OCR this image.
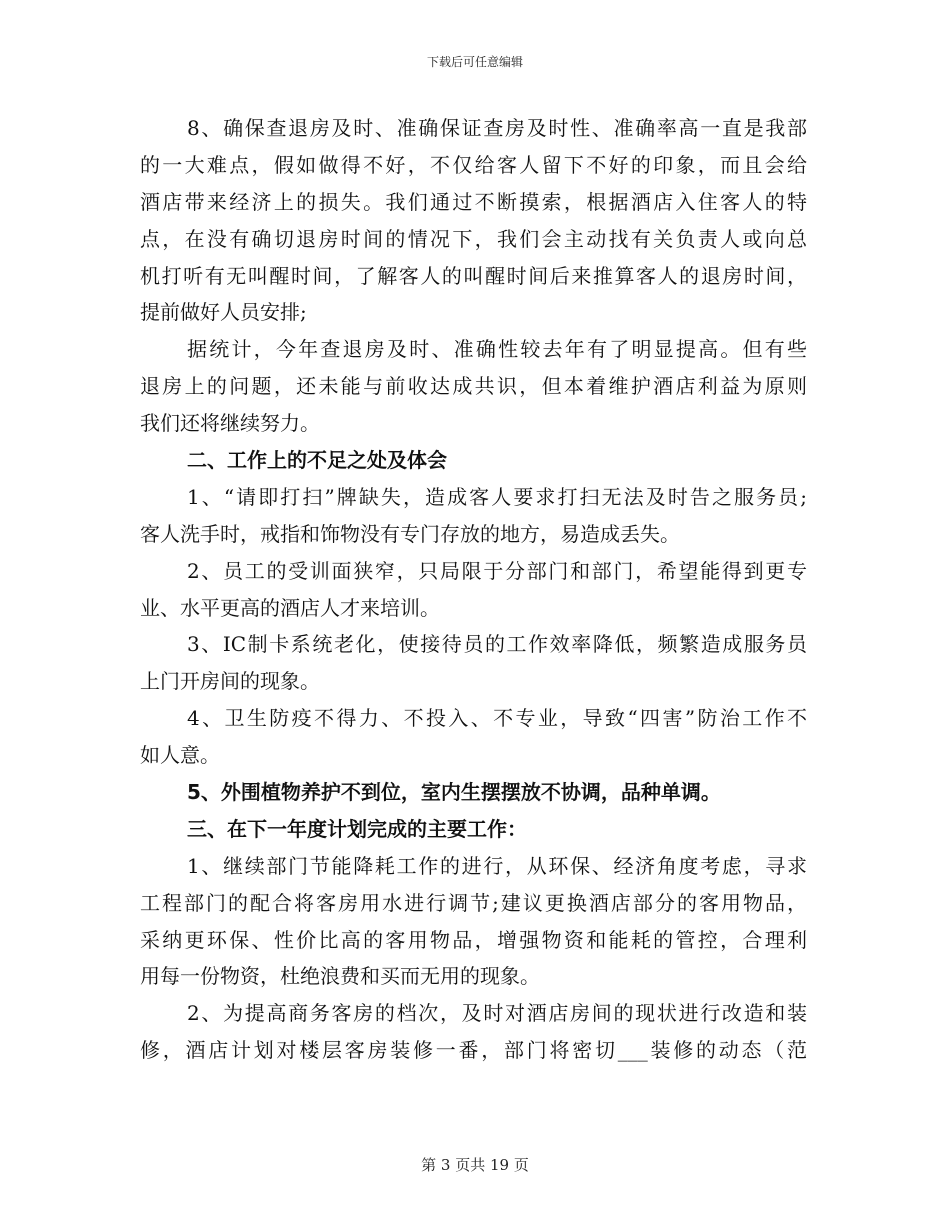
下载后可任意编辑
8、确保查退房及时、准确保证查房及时性、准确率高一直是我部
的一大难点，假如做得不好，不仅给客人留下不好的印象，而且会给
酒店带来经济上的损失。我们通过不断摸索，根据酒店入住客人的特
点，在没有确切退房时间的情况下，我们会主动找有关负责人或向总
机打听有无叫醒时间，了解客人的叫醒时间后来推算客人的退房时间，
提前做好人员安排;
据统计，今年查退房及时、准确性较去年有了明显提高。但有些
退房上的问题，还未能与前收达成共识，但本着维护酒店利益为原则
我们还将继续努力。
二、工作上的不足之处及体会
1、“请即打扫”牌缺失，造成客人要求打扫无法及时告之服务员;
客人洗手时，戒指和饰物没有专门存放的地方，易造成丢失。
2、员工的受训面狭窄，只局限于分部门和部门，希望能得到更专
业、水平更高的酒店人才来培训。
3、IC制卡系统老化，使接待员的工作效率降低，频繁造成服务员
上门开房间的现象。
4、卫生防疫不得力、不投入、不专业，导致“四害”防治工作不
如人意。
5、外围植物养护不到位，室内生摆摆放不协调，品种单调。
三、在下一年度计划完成的主要工作：
1、继续部门节能降耗工作的进行，从环保、经济角度考虑，寻求
工程部门的配合将客房用水进行调节;建议更换酒店部分的客用物品，
采纳更环保、性价比高的客用物品，增强物资和能耗的管控，合理利
用每一份物资，杜绝浪费和买而无用的现象。
2、为提高商务客房的档次，及时对酒店房间的现状进行改造和装
修，酒店计划对楼层客房装修一番，部门将密切___装修的动态（范
第 3 页共 19 页
